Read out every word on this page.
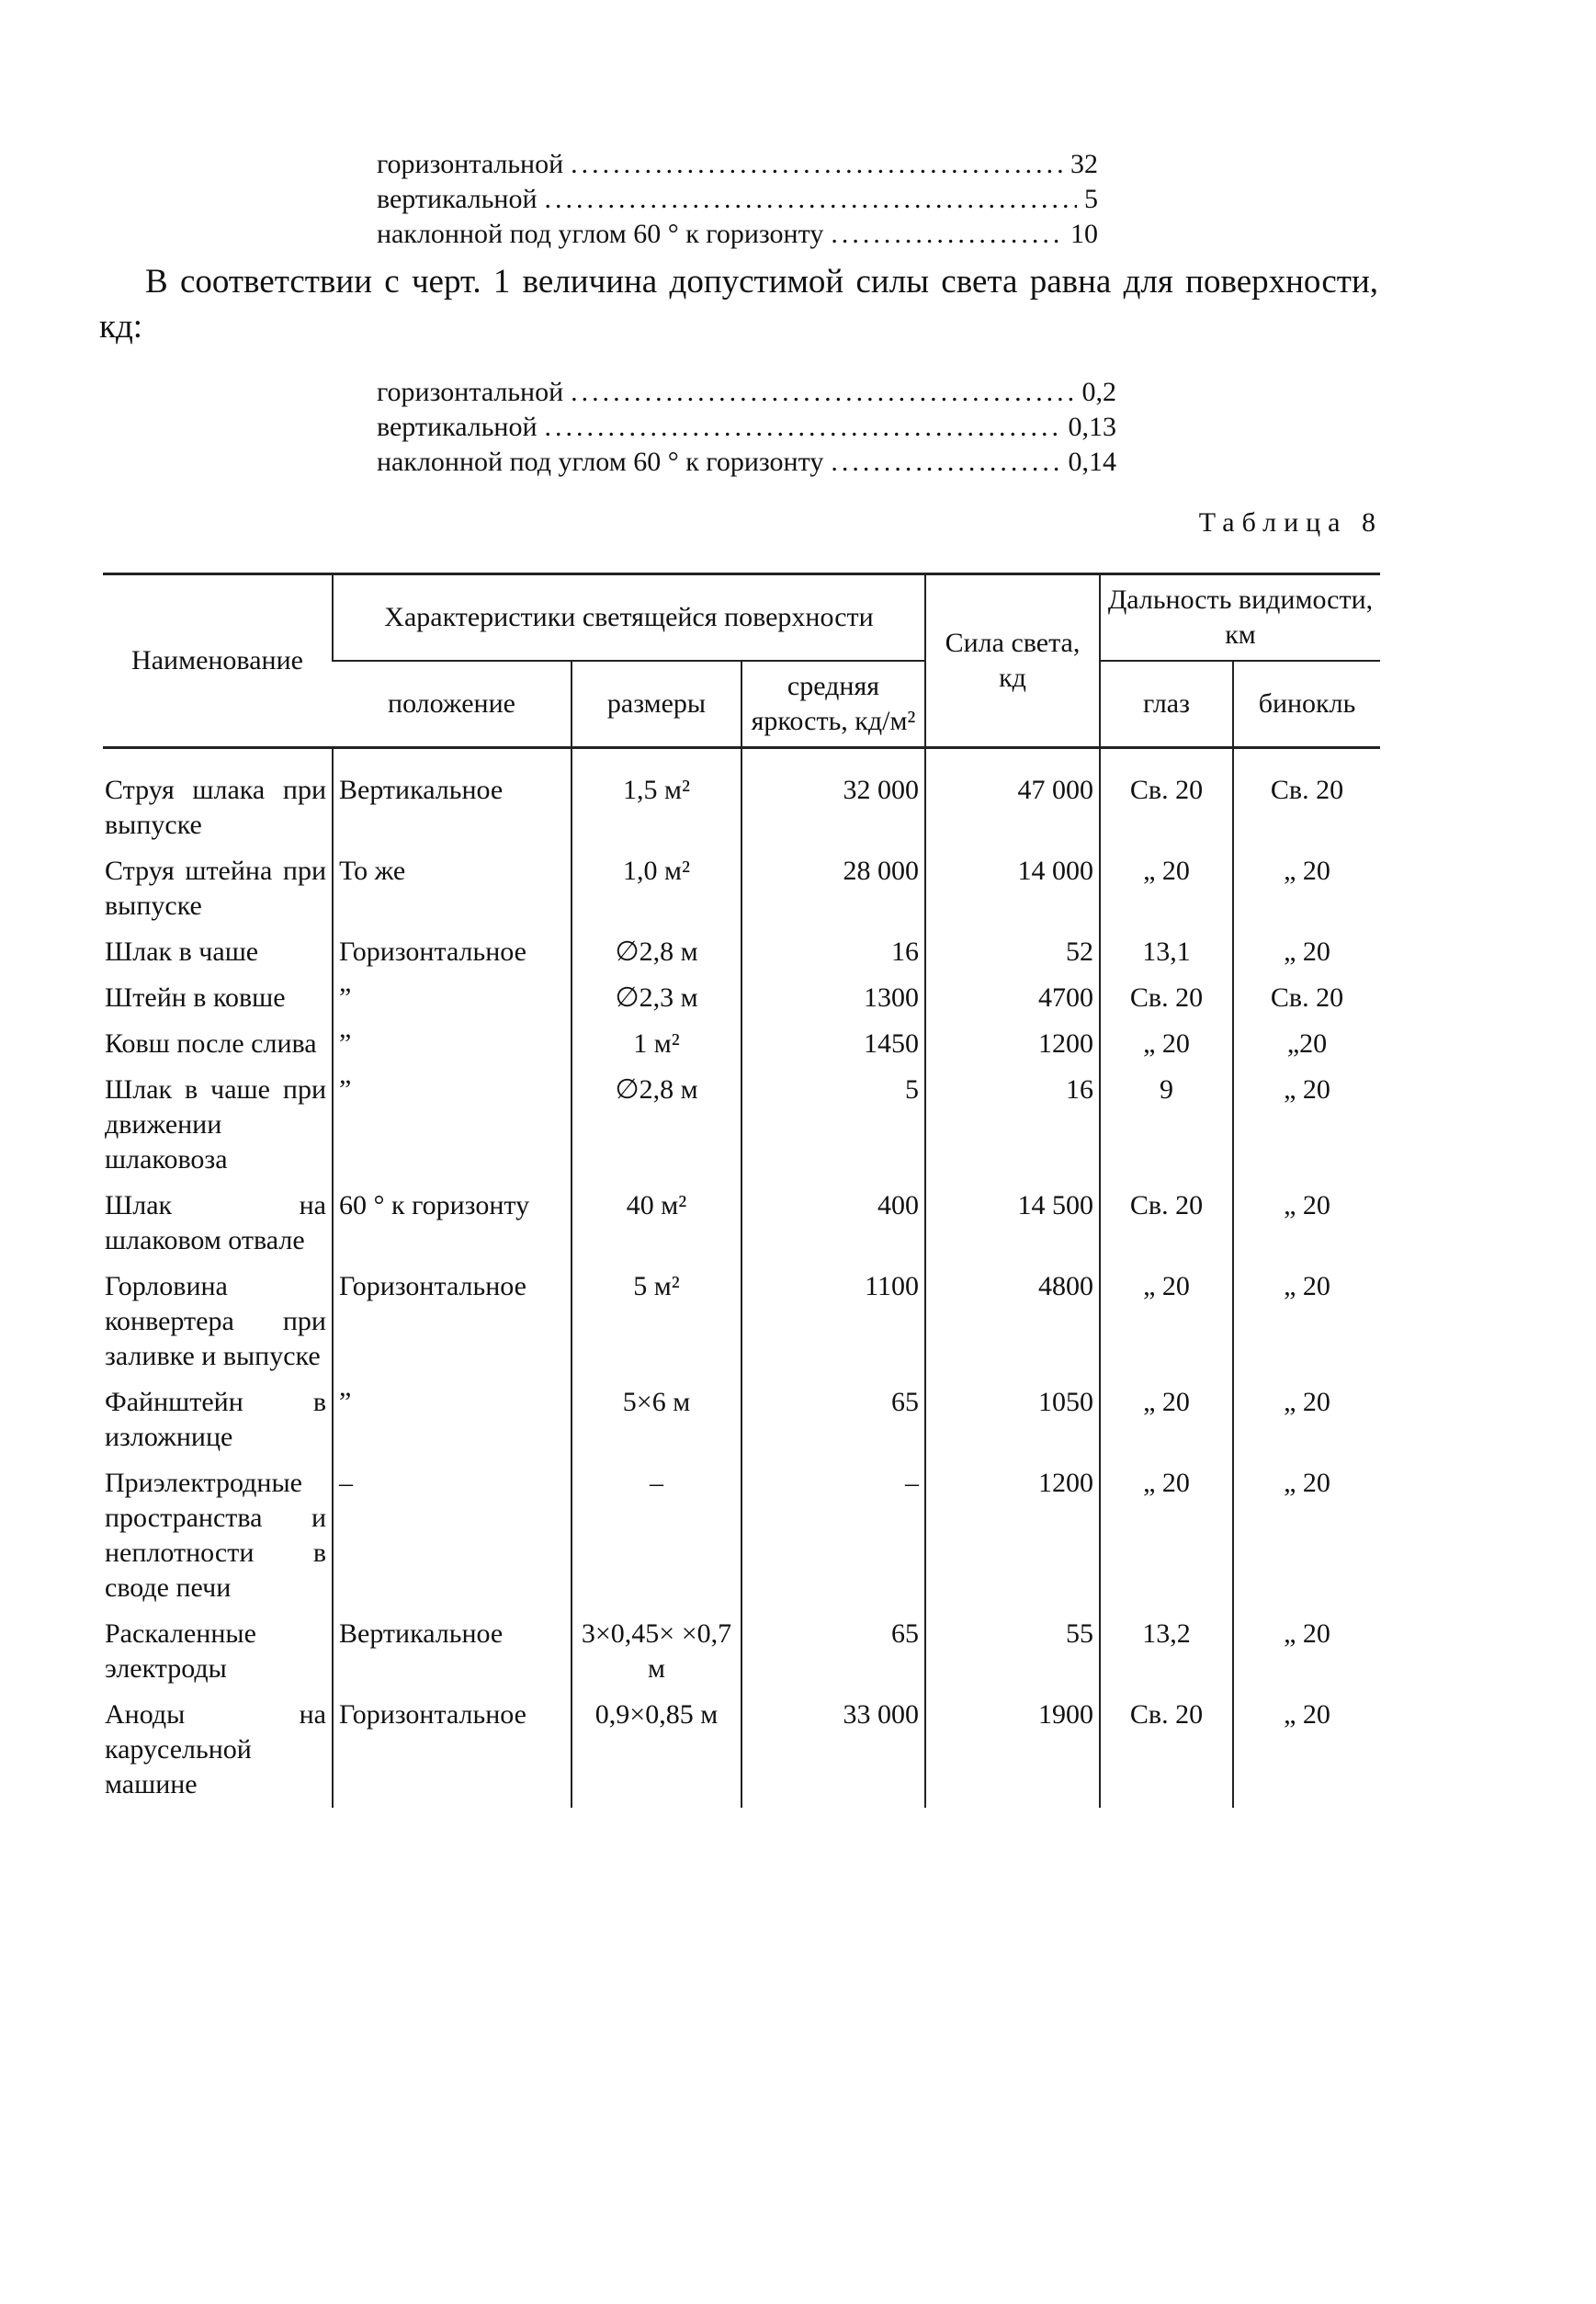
горизонтальной .....	32
вертикальной .....	5
наклонной под углом 60 ° к горизонту .....	10
В соответствии с черт. 1 величина допустимой силы света равна для поверхности, кд:
горизонтальной .....	0,2
вертикальной .....	0,13
наклонной под углом 60 ° к горизонту .....	0,14
Таблица 8
Наименование	Характеристики светящейся поверхности			Сила света, кд	Дальность видимости, км	
	положение	размеры	средняя яркость, кд/м²		глаз	бинокль
Струя шлака при выпуске	Вертикальное	1,5 м²	32 000	47 000	Св. 20	Св. 20
Струя штейна при выпуске	То же	1,0 м²	28 000	14 000	„ 20	„ 20
Шлак в чаше	Горизонтальное	∅2,8 м	16	52	13,1	„ 20
Штейн в ковше	”	∅2,3 м	1300	4700	Св. 20	Св. 20
Ковш после слива	”	1 м²	1450	1200	„ 20	„20
Шлак в чаше при движении шлаковоза	”	∅2,8 м	5	16	9	„ 20
Шлак на шлаковом отвале	60 ° к горизонту	40 м²	400	14 500	Св. 20	„ 20
Горловина конвертера при заливке и выпуске	Горизонтальное	5 м²	1100	4800	„ 20	„ 20
Файнштейн в изложнице	”	5×6 м	65	1050	„ 20	„ 20
Приэлектродные пространства и неплотности в своде печи	–	–	–	1200	„ 20	„ 20
Раскаленные электроды	Вертикальное	3×0,45× ×0,7 м	65	55	13,2	„ 20
Аноды на карусельной машине	Горизонтальное	0,9×0,85 м	33 000	1900	Св. 20	„ 20
